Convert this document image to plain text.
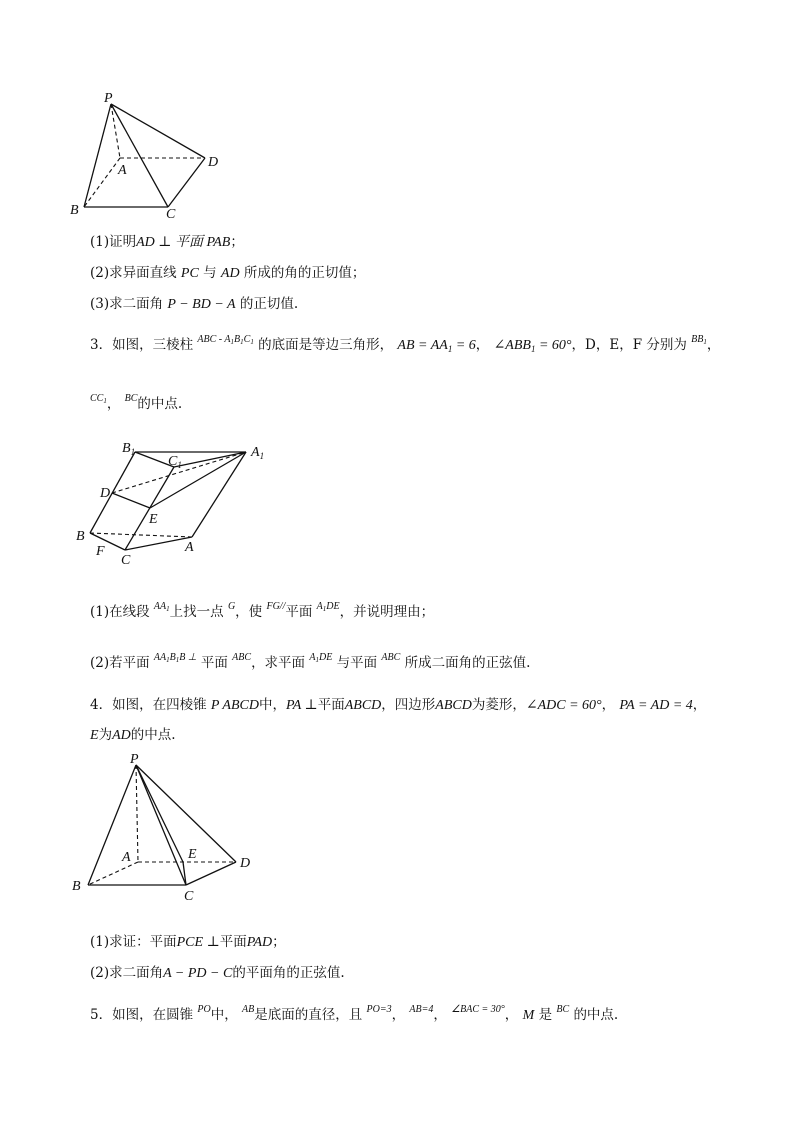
P
A
D
B	C
(1)证明AD ⊥ 平面 PAB；
(2)求异面直线 PC 与 AD 所成的角的正切值；
(3)求二面角 P − BD − A 的正切值.
3．如图，三棱柱 $^{ABC - A_1B_1C_1}$ 的底面是等边三角形， AB = $AA_1 = 6$， $\angle ABB_1 = 60^\circ$，D，E，F 分别为 $^{BB_1}$，
$^{CC_1}$， $^{BC}$的中点.
$B_1$
$C_1$
$A_1$
D
E
B
F
C
A
(1)在线段 $^{AA_1}$上找一点 $^G$，使 $^{FG//}$平面 $^{A_1DE}$，并说明理由；
(2)若平面 $^{AA_1B_1B \perp}$ 平面 $^{ABC}$，求平面 $^{A_1DE}$ 与平面 $^{ABC}$ 所成二面角的正弦值.
4．如图，在四棱锥 P ABCD中，PA ⊥平面ABCD，四边形ABCD为菱形，∠ADC = 60°， PA = AD = 4，
E为AD的中点.
P
A	E
D
B
C
(1)求证：平面PCE ⊥平面PAD；
(2)求二面角A − PD − C的平面角的正弦值.
5．如图，在圆锥 $^{PO}$中， $^{AB}$是底面的直径，且 $^{PO=3}$， $^{AB=4}$， $^{\angle BAC = 30^\circ}$， M 是 $^{BC}$ 的中点.
